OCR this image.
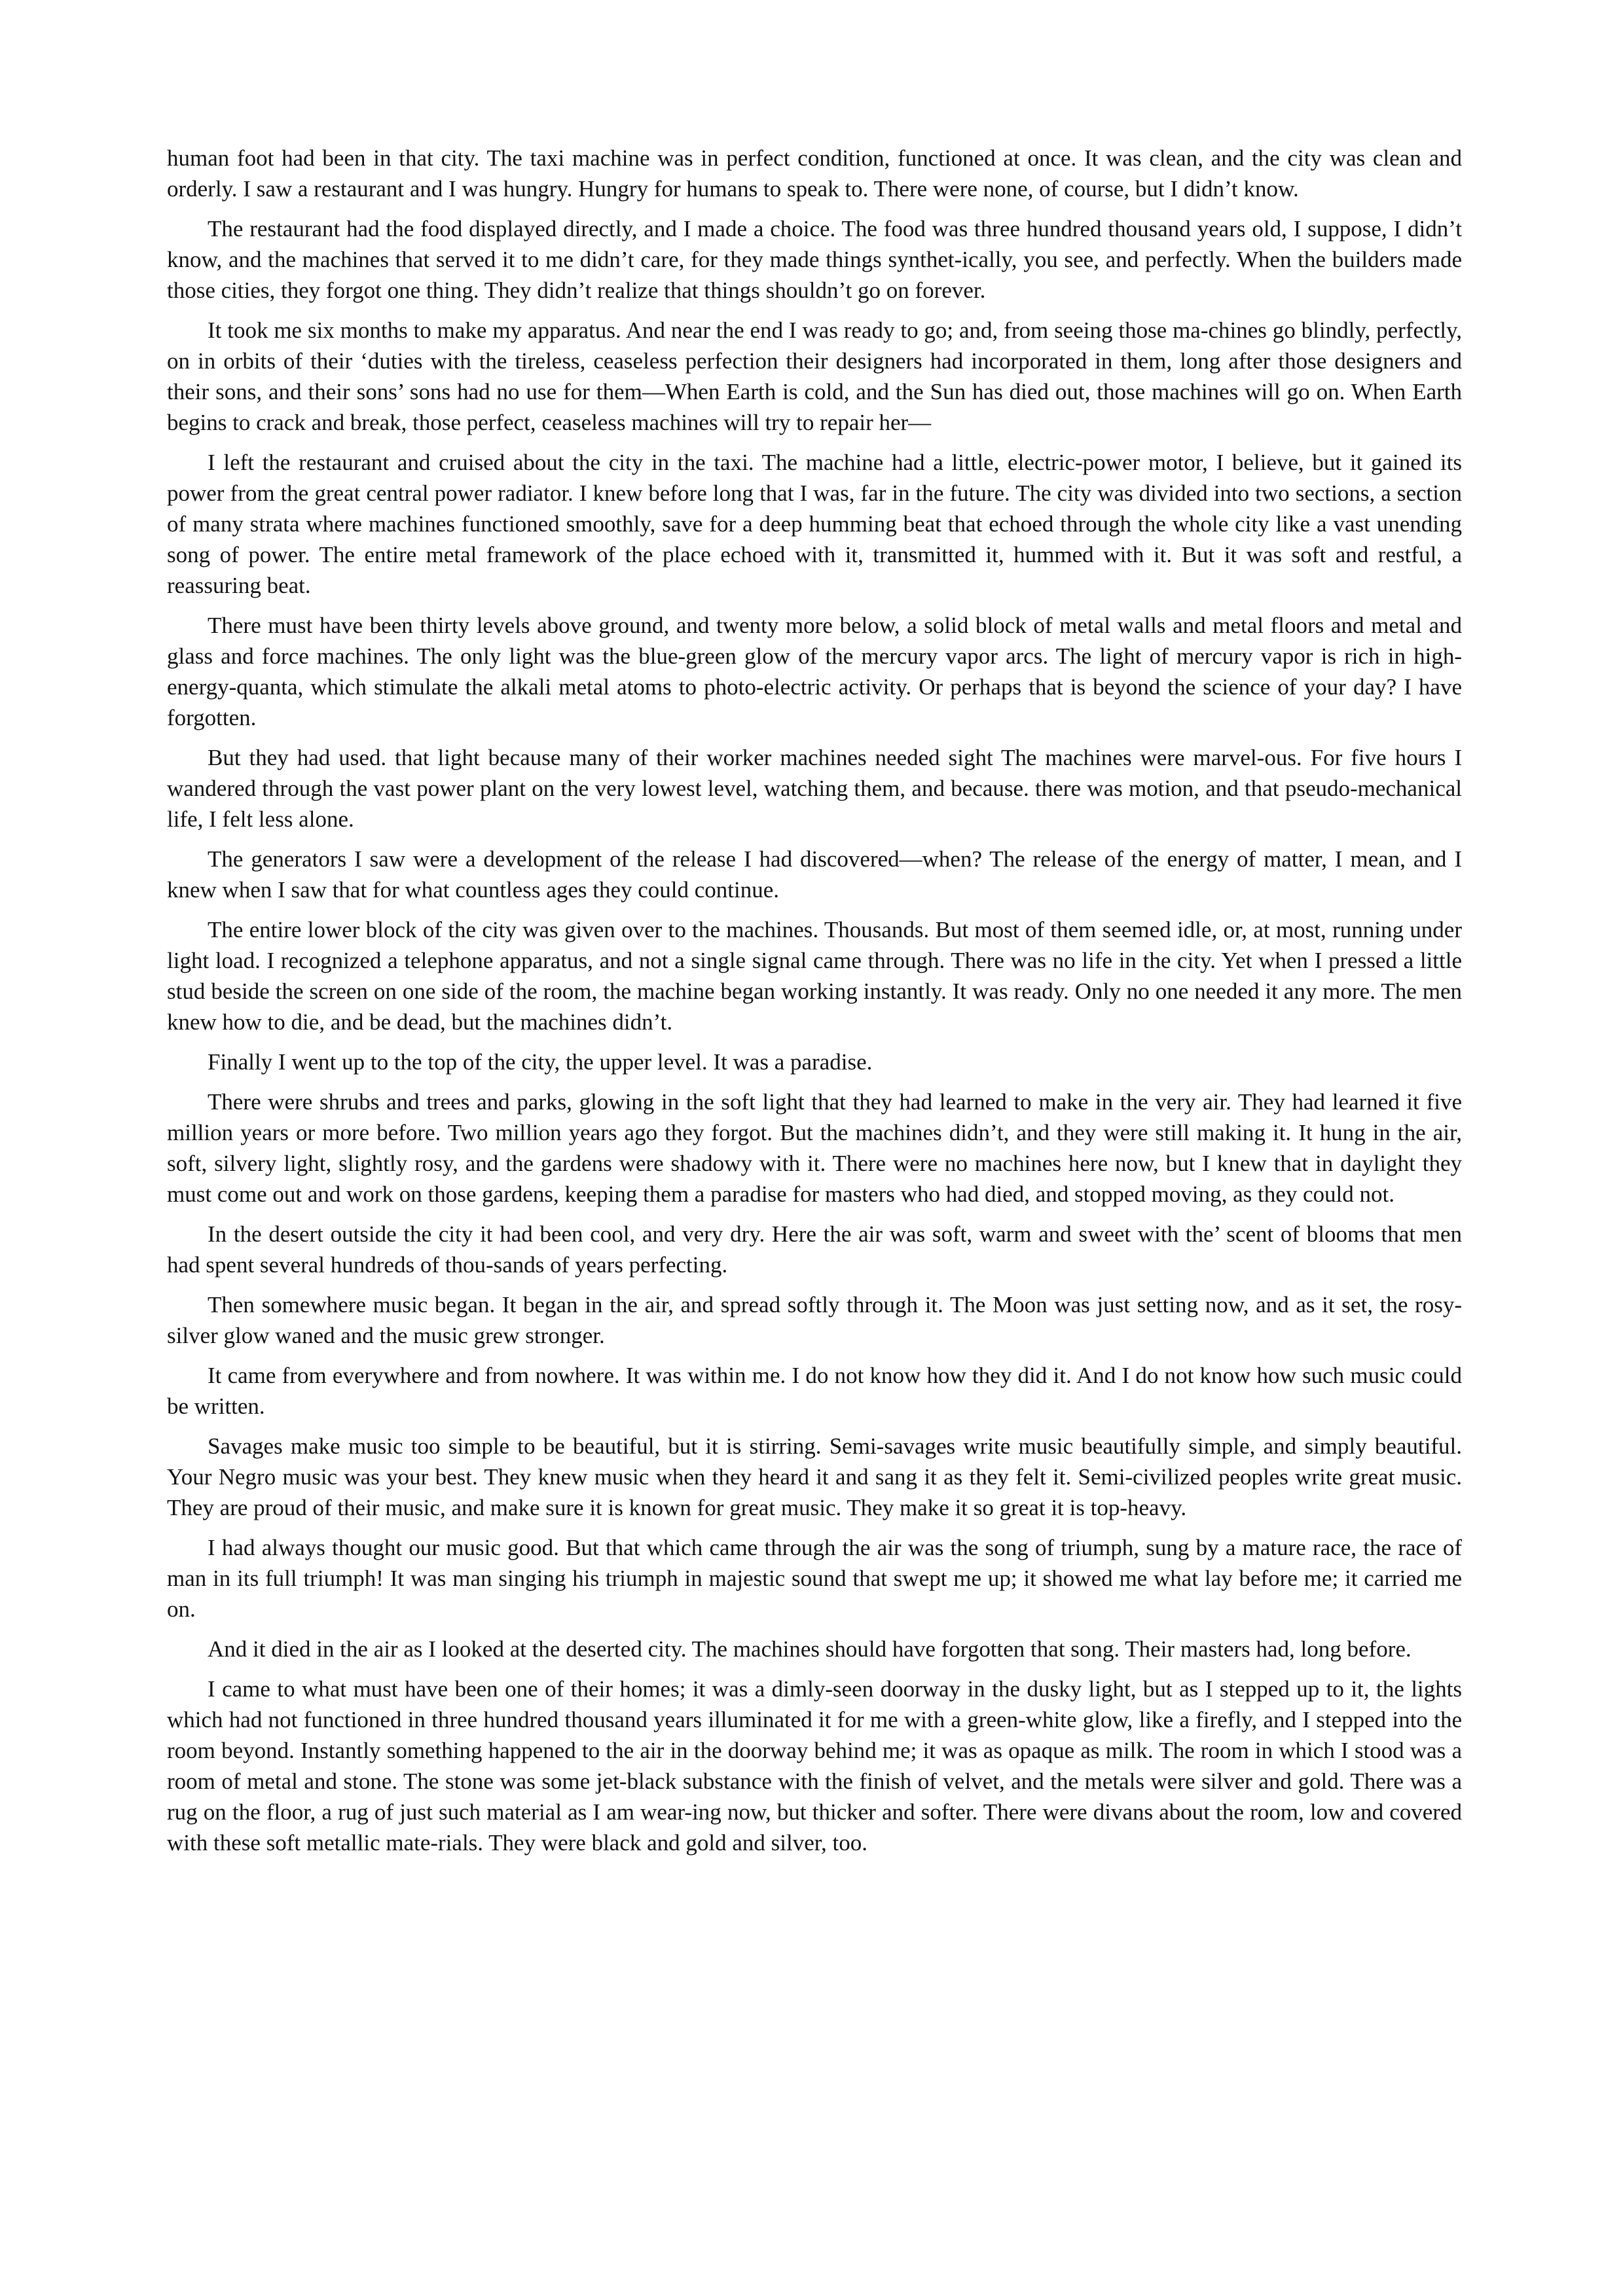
human foot had been in that city. The taxi machine was in perfect condition, functioned at once. It was clean, and the city was clean and orderly. I saw a restaurant and I was hungry. Hungry for humans to speak to. There were none, of course, but I didn’t know.

The restaurant had the food displayed directly, and I made a choice. The food was three hundred thousand years old, I suppose, I didn’t know, and the machines that served it to me didn’t care, for they made things synthet-ically, you see, and perfectly. When the builders made those cities, they forgot one thing. They didn’t realize that things shouldn’t go on forever.

It took me six months to make my apparatus. And near the end I was ready to go; and, from seeing those ma-chines go blindly, perfectly, on in orbits of their ‘duties with the tireless, ceaseless perfection their designers had incorporated in them, long after those designers and their sons, and their sons’ sons had no use for them—When Earth is cold, and the Sun has died out, those machines will go on. When Earth begins to crack and break, those perfect, ceaseless machines will try to repair her—

I left the restaurant and cruised about the city in the taxi. The machine had a little, electric-power motor, I believe, but it gained its power from the great central power radiator. I knew before long that I was, far in the future. The city was divided into two sections, a section of many strata where machines functioned smoothly, save for a deep humming beat that echoed through the whole city like a vast unending song of power. The entire metal framework of the place echoed with it, transmitted it, hummed with it. But it was soft and restful, a reassuring beat.

There must have been thirty levels above ground, and twenty more below, a solid block of metal walls and metal floors and metal and glass and force machines. The only light was the blue-green glow of the mercury vapor arcs. The light of mercury vapor is rich in high-energy-quanta, which stimulate the alkali metal atoms to photo-electric activity. Or perhaps that is beyond the science of your day? I have forgotten.

But they had used. that light because many of their worker machines needed sight The machines were marvel-ous. For five hours I wandered through the vast power plant on the very lowest level, watching them, and because. there was motion, and that pseudo-mechanical life, I felt less alone.

The generators I saw were a development of the release I had discovered—when? The release of the energy of matter, I mean, and I knew when I saw that for what countless ages they could continue.

The entire lower block of the city was given over to the machines. Thousands. But most of them seemed idle, or, at most, running under light load. I recognized a telephone apparatus, and not a single signal came through. There was no life in the city. Yet when I pressed a little stud beside the screen on one side of the room, the machine began working instantly. It was ready. Only no one needed it any more. The men knew how to die, and be dead, but the machines didn’t.

Finally I went up to the top of the city, the upper level. It was a paradise.

There were shrubs and trees and parks, glowing in the soft light that they had learned to make in the very air. They had learned it five million years or more before. Two million years ago they forgot. But the machines didn’t, and they were still making it. It hung in the air, soft, silvery light, slightly rosy, and the gardens were shadowy with it. There were no machines here now, but I knew that in daylight they must come out and work on those gardens, keeping them a paradise for masters who had died, and stopped moving, as they could not.

In the desert outside the city it had been cool, and very dry. Here the air was soft, warm and sweet with the’ scent of blooms that men had spent several hundreds of thou-sands of years perfecting.

Then somewhere music began. It began in the air, and spread softly through it. The Moon was just setting now, and as it set, the rosy-silver glow waned and the music grew stronger.

It came from everywhere and from nowhere. It was within me. I do not know how they did it. And I do not know how such music could be written.

Savages make music too simple to be beautiful, but it is stirring. Semi-savages write music beautifully simple, and simply beautiful. Your Negro music was your best. They knew music when they heard it and sang it as they felt it. Semi-civilized peoples write great music. They are proud of their music, and make sure it is known for great music. They make it so great it is top-heavy.

I had always thought our music good. But that which came through the air was the song of triumph, sung by a mature race, the race of man in its full triumph! It was man singing his triumph in majestic sound that swept me up; it showed me what lay before me; it carried me on.

And it died in the air as I looked at the deserted city. The machines should have forgotten that song. Their masters had, long before.

I came to what must have been one of their homes; it was a dimly-seen doorway in the dusky light, but as I stepped up to it, the lights which had not functioned in three hundred thousand years illuminated it for me with a green-white glow, like a firefly, and I stepped into the room beyond. Instantly something happened to the air in the doorway behind me; it was as opaque as milk. The room in which I stood was a room of metal and stone. The stone was some jet-black substance with the finish of velvet, and the metals were silver and gold. There was a rug on the floor, a rug of just such material as I am wear-ing now, but thicker and softer. There were divans about the room, low and covered with these soft metallic mate-rials. They were black and gold and silver, too.
